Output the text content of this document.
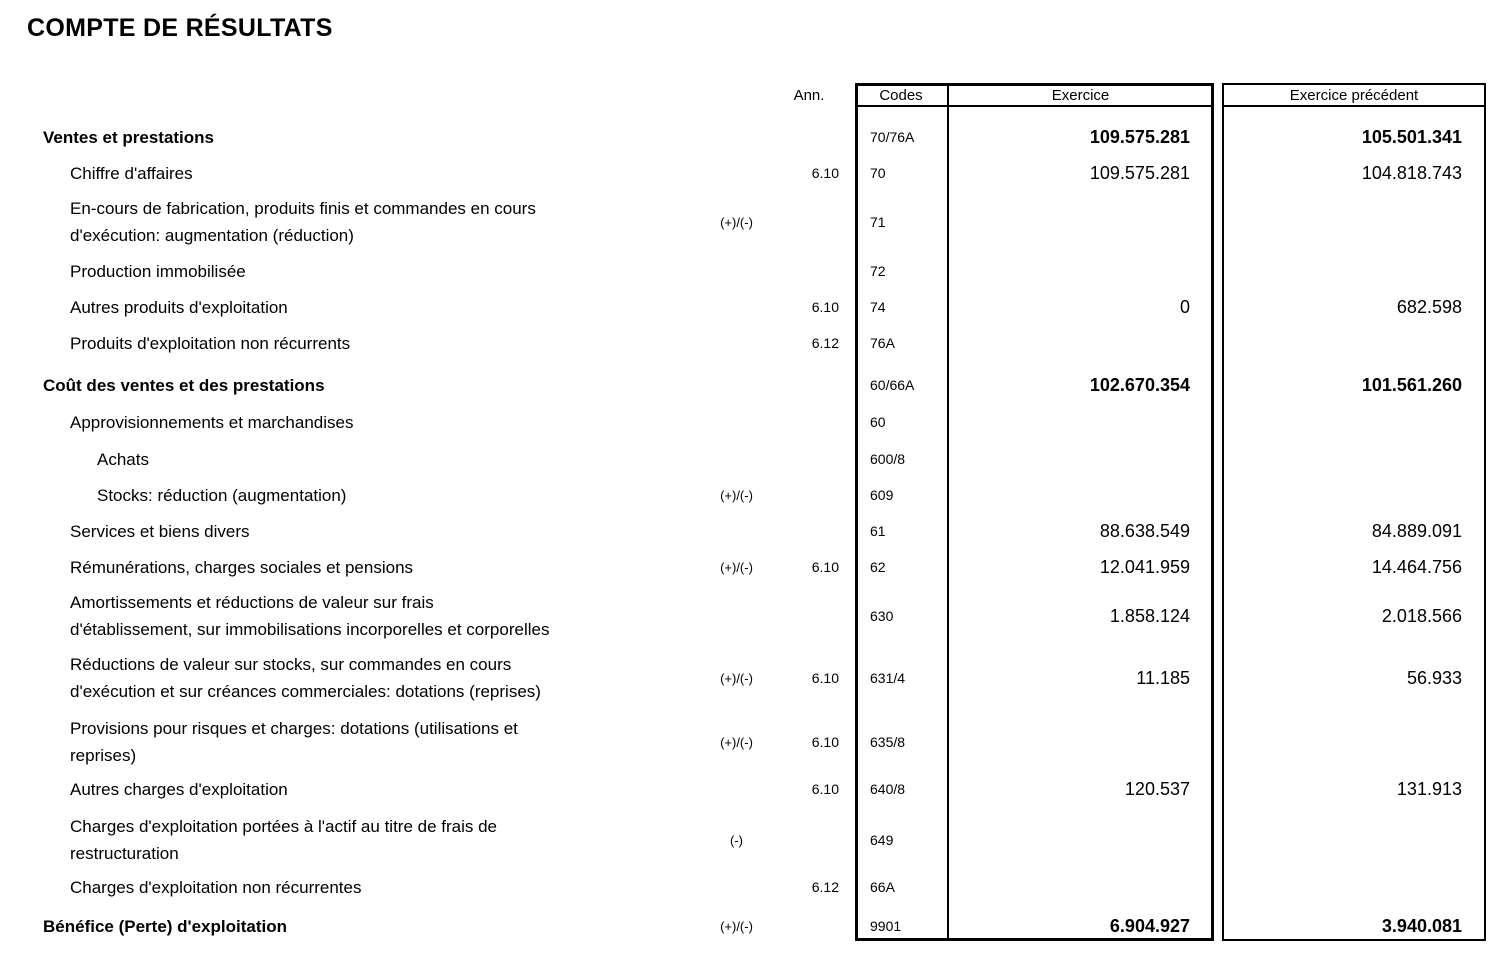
COMPTE DE RÉSULTATS
Ann.	Codes	Exercice	Exercice précédent
Ventes et prestations	70/76A	109.575.281	105.501.341
Chiffre d'affaires	6.10	70	109.575.281	104.818.743
En-cours de fabrication, produits finis et commandes en cours
d'exécution: augmentation (réduction)
(+)/(-)	71
Production immobilisée	72
Autres produits d'exploitation	6.10	74	0	682.598
Produits d'exploitation non récurrents	6.12	76A
Coût des ventes et des prestations	60/66A	102.670.354	101.561.260
Approvisionnements et marchandises	60
Achats	600/8
Stocks: réduction (augmentation)	(+)/(-)	609
Services et biens divers	61	88.638.549	84.889.091
Rémunérations, charges sociales et pensions	(+)/(-)	6.10	62	12.041.959	14.464.756
Amortissements et réductions de valeur sur frais
d'établissement, sur immobilisations incorporelles et corporelles
630	1.858.124	2.018.566
Réductions de valeur sur stocks, sur commandes en cours
d'exécution et sur créances commerciales: dotations (reprises)
(+)/(-)	6.10	631/4	11.185	56.933
Provisions pour risques et charges: dotations (utilisations et
reprises)
(+)/(-)	6.10	635/8
Autres charges d'exploitation	6.10	640/8	120.537	131.913
Charges d'exploitation portées à l'actif au titre de frais de
restructuration
(-)	649
Charges d'exploitation non récurrentes	6.12	66A
Bénéfice (Perte) d'exploitation	(+)/(-)	9901	6.904.927	3.940.081
